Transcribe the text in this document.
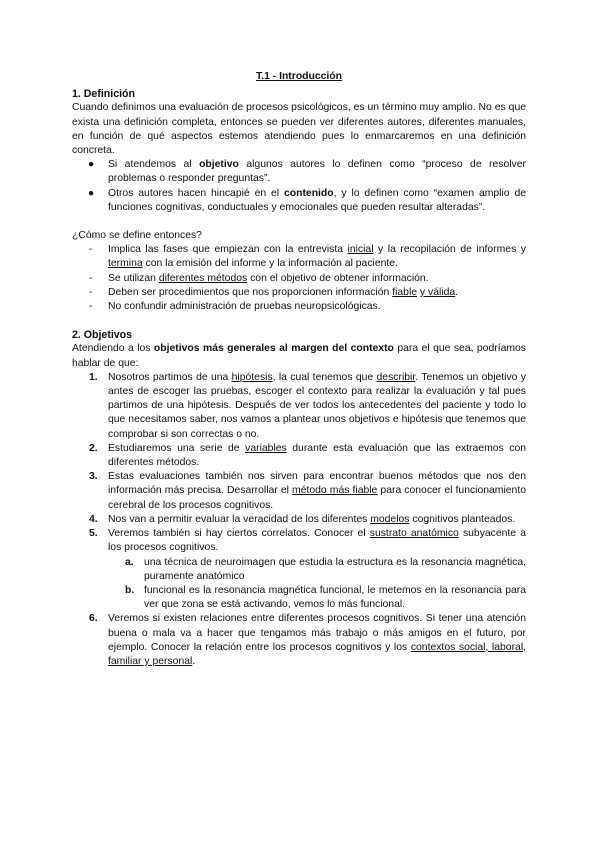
T.1 - Introducción
1. Definición

Cuando definimos una evaluación de procesos psicológicos, es un término muy amplio. No es que exista una definición completa, entonces se pueden ver diferentes autores, diferentes manuales, en función de qué aspectos estemos atendiendo pues lo enmarcaremos en una definición concreta.

● Si atendemos al objetivo algunos autores lo definen como “proceso de resolver problemas o responder preguntas”.
● Otros autores hacen hincapié en el contenido, y lo definen como “examen amplio de funciones cognitivas, conductuales y emocionales que pueden resultar alteradas”.

¿Cómo se define entonces?

- Implica las fases que empiezan con la entrevista inicial y la recopilación de informes y termina con la emisión del informe y la información al paciente.
- Se utilizan diferentes métodos con el objetivo de obtener información.
- Deben ser procedimientos que nos proporcionen información fiable y válida.
- No confundir administración de pruebas neuropsicológicas.
2. Objetivos

Atendiendo a los objetivos más generales al margen del contexto para el que sea, podríamos hablar de que:

1. Nosotros partimos de una hipótesis, la cual tenemos que describir. Tenemos un objetivo y antes de escoger las pruebas, escoger el contexto para realizar la evaluación y tal pues partimos de una hipótesis. Después de ver todos los antecedentes del paciente y todo lo que necesitamos saber, nos vamos a plantear unos objetivos e hipótesis que tenemos que comprobar si son correctas o no.
2. Estudiaremos una serie de variables durante esta evaluación que las extraemos con diferentes métodos.
3. Estas evaluaciones también nos sirven para encontrar buenos métodos que nos den información más precisa. Desarrollar el método más fiable para conocer el funcionamiento cerebral de los procesos cognitivos.
4. Nos van a permitir evaluar la veracidad de los diferentes modelos cognitivos planteados.
5. Veremos también si hay ciertos correlatos. Conocer el sustrato anatómico subyacente a los procesos cognitivos.
a. una técnica de neuroimagen que estudia la estructura es la resonancia magnética, puramente anatómico
b. funcional es la resonancia magnética funcional, le metemos en la resonancia para ver que zona se está activando, vemos lo más funcional.
6. Veremos si existen relaciones entre diferentes procesos cognitivos. Si tener una atención buena o mala va a hacer que tengamos más trabajo o más amigos en el futuro, por ejemplo. Conocer la relación entre los procesos cognitivos y los contextos social, laboral, familiar y personal.
